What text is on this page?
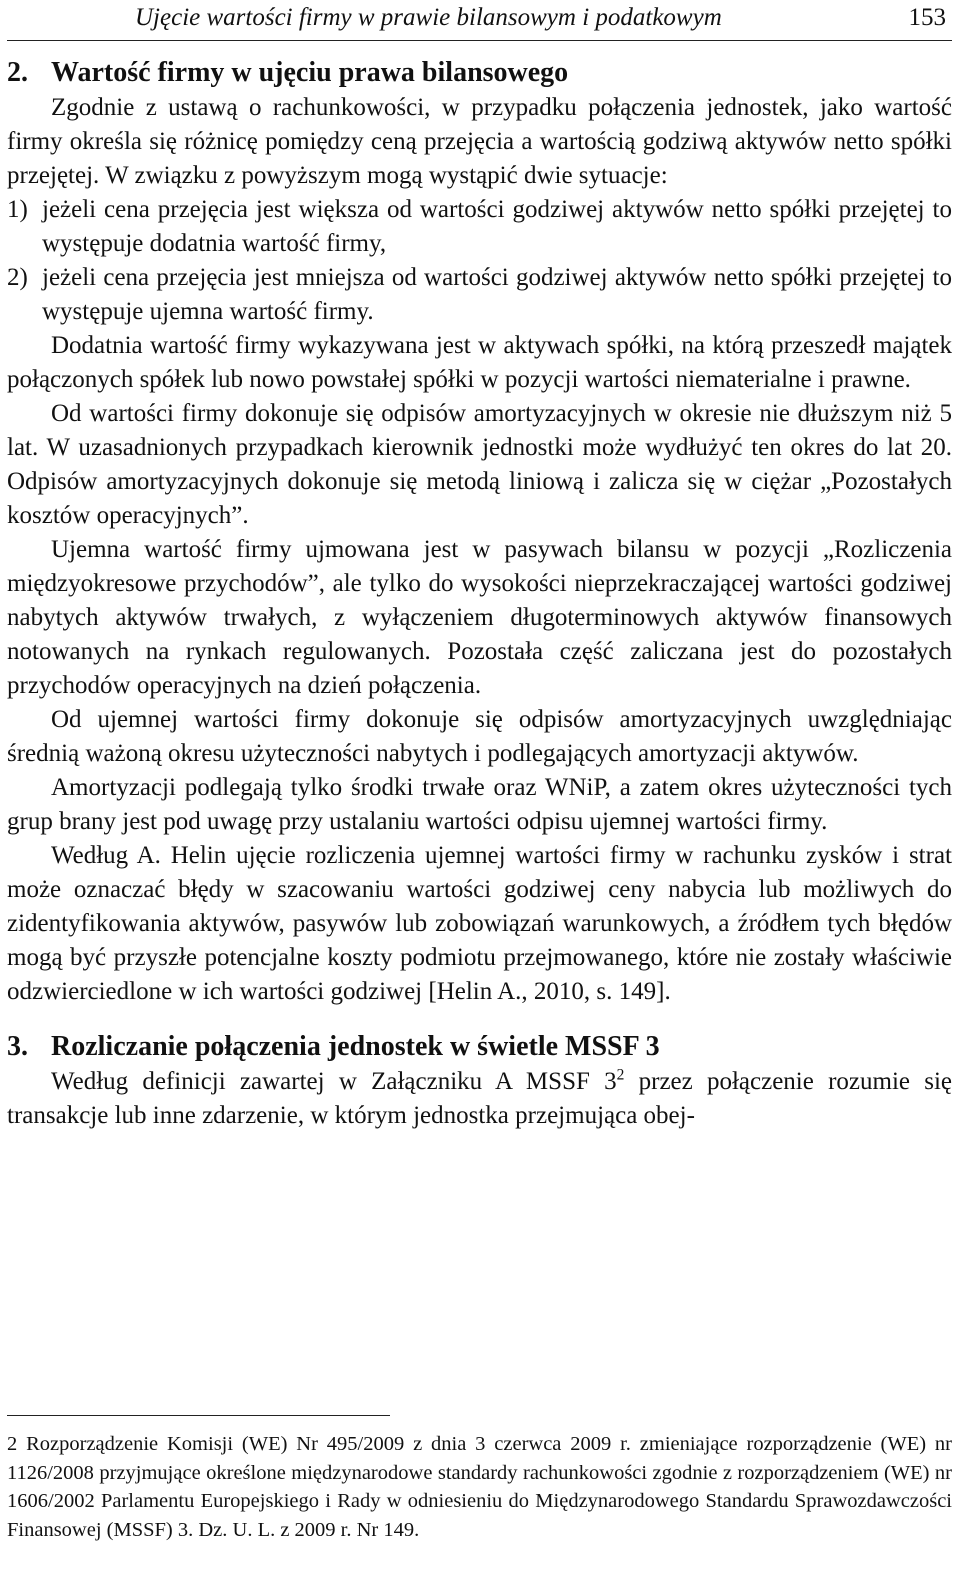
Ujęcie wartości firmy w prawie bilansowym i podatkowym	153
2. Wartość firmy w ujęciu prawa bilansowego

Zgodnie z ustawą o rachunkowości, w przypadku połączenia jednostek, jako wartość firmy określa się różnicę pomiędzy ceną przejęcia a wartością godziwą aktywów netto spółki przejętej. W związku z powyższym mogą wystąpić dwie sytuacje:

1) jeżeli cena przejęcia jest większa od wartości godziwej aktywów netto spółki przejętej to występuje dodatnia wartość firmy,
2) jeżeli cena przejęcia jest mniejsza od wartości godziwej aktywów netto spółki przejętej to występuje ujemna wartość firmy.

Dodatnia wartość firmy wykazywana jest w aktywach spółki, na którą przeszedł majątek połączonych spółek lub nowo powstałej spółki w pozycji wartości niematerialne i prawne.

Od wartości firmy dokonuje się odpisów amortyzacyjnych w okresie nie dłuższym niż 5 lat. W uzasadnionych przypadkach kierownik jednostki może wydłużyć ten okres do lat 20. Odpisów amortyzacyjnych dokonuje się metodą liniową i zalicza się w ciężar „Pozostałych kosztów operacyjnych”.

Ujemna wartość firmy ujmowana jest w pasywach bilansu w pozycji „Rozliczenia międzyokresowe przychodów”, ale tylko do wysokości nieprzekraczającej wartości godziwej nabytych aktywów trwałych, z wyłączeniem długoterminowych aktywów finansowych notowanych na rynkach regulowanych. Pozostała część zaliczana jest do pozostałych przychodów operacyjnych na dzień połączenia.

Od ujemnej wartości firmy dokonuje się odpisów amortyzacyjnych uwzględniając średnią ważoną okresu użyteczności nabytych i podlegających amortyzacji aktywów.

Amortyzacji podlegają tylko środki trwałe oraz WNiP, a zatem okres użyteczności tych grup brany jest pod uwagę przy ustalaniu wartości odpisu ujemnej wartości firmy.

Według A. Helin ujęcie rozliczenia ujemnej wartości firmy w rachunku zysków i strat może oznaczać błędy w szacowaniu wartości godziwej ceny nabycia lub możliwych do zidentyfikowania aktywów, pasywów lub zobowiązań warunkowych, a źródłem tych błędów mogą być przyszłe potencjalne koszty podmiotu przejmowanego, które nie zostały właściwie odzwierciedlone w ich wartości godziwej [Helin A., 2010, s. 149].

3. Rozliczanie połączenia jednostek w świetle MSSF 3

Według definicji zawartej w Załączniku A MSSF $3^2$ przez połączenie rozumie się transakcje lub inne zdarzenie, w którym jednostka przejmująca obej-

2 Rozporządzenie Komisji (WE) Nr 495/2009 z dnia 3 czerwca 2009 r. zmieniające rozporządzenie (WE) nr 1126/2008 przyjmujące określone międzynarodowe standardy rachunkowości zgodnie z rozporządzeniem (WE) nr 1606/2002 Parlamentu Europejskiego i Rady w odniesieniu do Międzynarodowego Standardu Sprawozdawczości Finansowej (MSSF) 3. Dz. U. L. z 2009 r. Nr 149.
